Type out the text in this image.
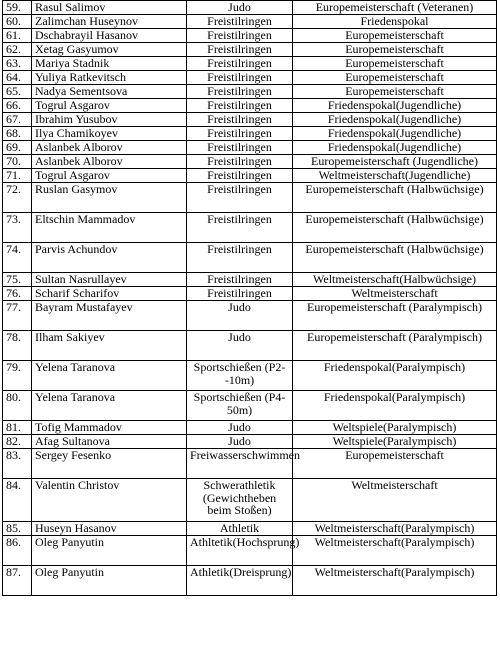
59.	Rasul Salimov	Judo	Europemeisterschaft (Veteranen)
60.	Zalimchan Huseynov	Freistilringen	Friedenspokal
61.	Dschabrayil Hasanov	Freistilringen	Europemeisterschaft
62.	Xetag Gasyumov	Freistilringen	Europemeisterschaft
63.	Mariya Stadnik	Freistilringen	Europemeisterschaft
64.	Yuliya Ratkevitsch	Freistilringen	Europemeisterschaft
65.	Nadya Sementsova	Freistilringen	Europemeisterschaft
66.	Togrul Asgarov	Freistilringen	Friedenspokal(Jugendliche)
67.	Ibrahim Yusubov	Freistilringen	Friedenspokal(Jugendliche)
68.	Ilya Chamikoyev	Freistilringen	Friedenspokal(Jugendliche)
69.	Aslanbek Alborov	Freistilringen	Friedenspokal(Jugendliche)
70.	Aslanbek Alborov	Freistilringen	Europemeisterschaft (Jugendliche)
71.	Togrul Asgarov	Freistilringen	Weltmeisterschaft(Jugendliche)
72.	Ruslan Gasymov	Freistilringen	Europemeisterschaft (Halbwüchsige)
73.	Eltschin Mammadov	Freistilringen	Europemeisterschaft (Halbwüchsige)
74.	Parvis Achundov	Freistilringen	Europemeisterschaft (Halbwüchsige)
75.	Sultan Nasrullayev	Freistilringen	Weltmeisterschaft(Halbwüchsige)
76.	Scharif Scharifov	Freistilringen	Weltmeisterschaft
77.	Bayram Mustafayev	Judo	Europemeisterschaft (Paralympisch)
78.	Ilham Sakiyev	Judo	Europemeisterschaft (Paralympisch)
79.	Yelena Taranova	Sportschießen (P2--10m)	Friedenspokal(Paralympisch)
80.	Yelena Taranova	Sportschießen (P4-50m)	Friedenspokal(Paralympisch)
81.	Tofig Mammadov	Judo	Weltspiele(Paralympisch)
82.	Afag Sultanova	Judo	Weltspiele(Paralympisch)
83.	Sergey Fesenko	Freiwasserschwimmen	Europemeisterschaft
84.	Valentin Christov	Schwerathletik (Gewichtheben beim Stoßen)	Weltmeisterschaft
85.	Huseyn Hasanov	Athletik	Weltmeisterschaft(Paralympisch)
86.	Oleg Panyutin	Athltetik(Hochsprung)	Weltmeisterschaft(Paralympisch)
87.	Oleg Panyutin	Athletik(Dreisprung)	Weltmeisterschaft(Paralympisch)
